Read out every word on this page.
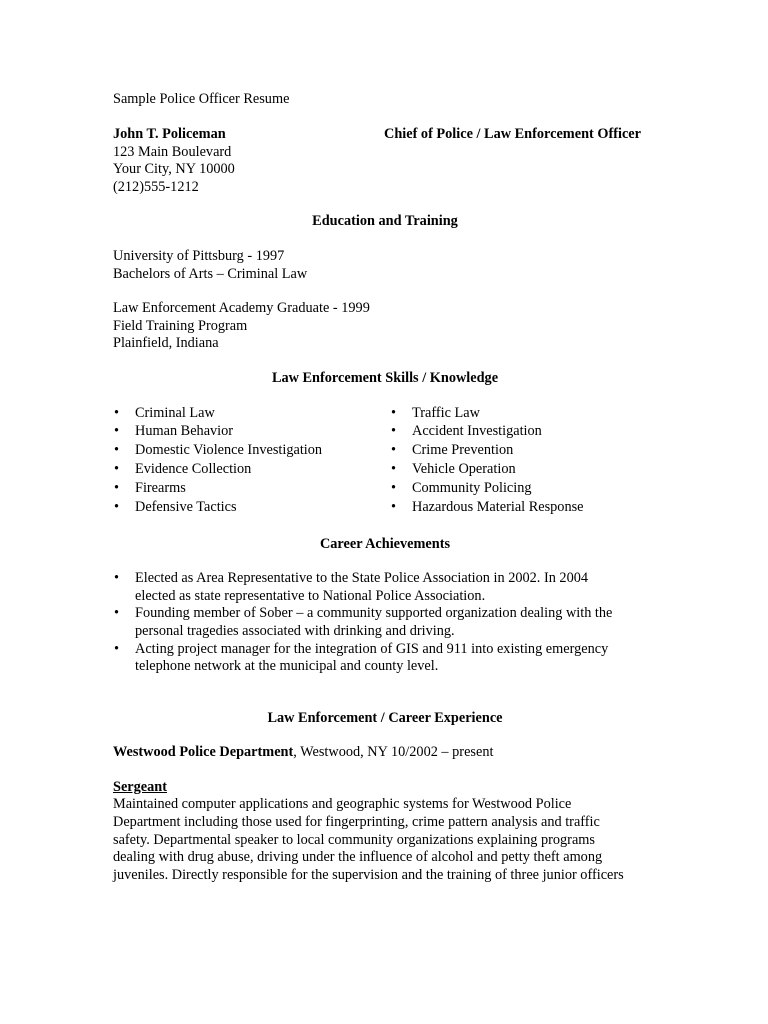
Sample Police Officer Resume

John T. Policeman	Chief of Police / Law Enforcement Officer

123 Main Boulevard

Your City, NY 10000

(212)555-1212

Education and Training

University of Pittsburg - 1997

Bachelors of Arts – Criminal Law

Law Enforcement Academy Graduate - 1999

Field Training Program

Plainfield, Indiana

Law Enforcement Skills / Knowledge

• Criminal Law
• Human Behavior
• Domestic Violence Investigation
• Evidence Collection
• Firearms
• Defensive Tactics
• Traffic Law
• Accident Investigation
• Crime Prevention
• Vehicle Operation
• Community Policing
• Hazardous Material Response

Career Achievements

• Elected as Area Representative to the State Police Association in 2002. In 2004
elected as state representative to National Police Association.
• Founding member of Sober – a community supported organization dealing with the
personal tragedies associated with drinking and driving.
• Acting project manager for the integration of GIS and 911 into existing emergency
telephone network at the municipal and county level.

Law Enforcement / Career Experience

Westwood Police Department, Westwood, NY 10/2002 – present

Sergeant

Maintained computer applications and geographic systems for Westwood Police

Department including those used for fingerprinting, crime pattern analysis and traffic

safety. Departmental speaker to local community organizations explaining programs

dealing with drug abuse, driving under the influence of alcohol and petty theft among

juveniles. Directly responsible for the supervision and the training of three junior officers
